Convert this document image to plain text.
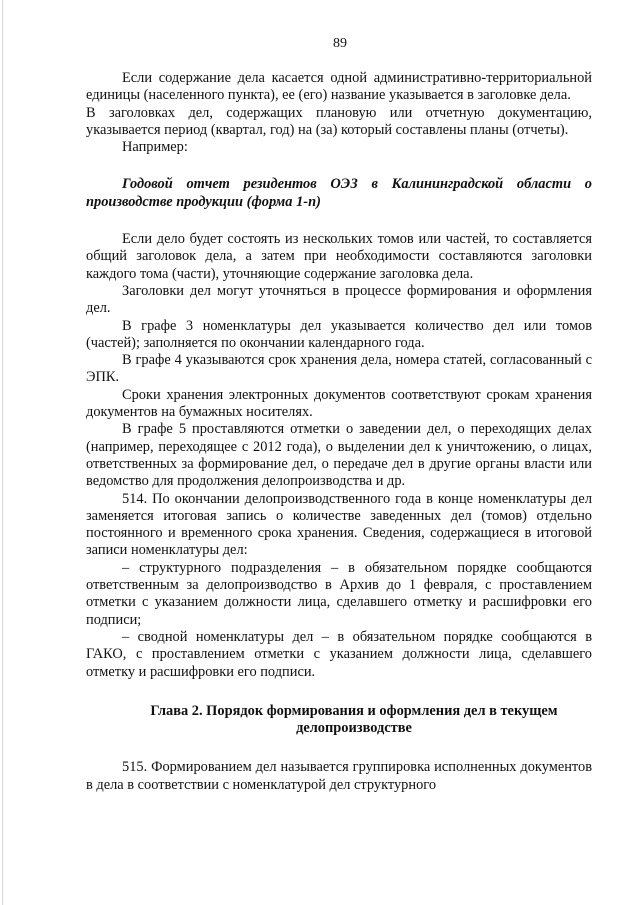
89

Если содержание дела касается одной административно-территориальной единицы (населенного пункта), ее (его) название указывается в заголовке дела.

В заголовках дел, содержащих плановую или отчетную документацию, указывается период (квартал, год) на (за) который составлены планы (отчеты).

Например:

Годовой отчет резидентов ОЭЗ в Калининградской области о производстве продукции (форма 1-п)

Если дело будет состоять из нескольких томов или частей, то составляется общий заголовок дела, а затем при необходимости составляются заголовки каждого тома (части), уточняющие содержание заголовка дела.

Заголовки дел могут уточняться в процессе формирования и оформления дел.

В графе 3 номенклатуры дел указывается количество дел или томов (частей); заполняется по окончании календарного года.

В графе 4 указываются срок хранения дела, номера статей, согласованный с ЭПК.

Сроки хранения электронных документов соответствуют срокам хранения документов на бумажных носителях.

В графе 5 проставляются отметки о заведении дел, о переходящих делах (например, переходящее с 2012 года), о выделении дел к уничтожению, о лицах, ответственных за формирование дел, о передаче дел в другие органы власти или ведомство для продолжения делопроизводства и др.

514. По окончании делопроизводственного года в конце номенклатуры дел заменяется итоговая запись о количестве заведенных дел (томов) отдельно постоянного и временного срока хранения. Сведения, содержащиеся в итоговой записи номенклатуры дел:

– структурного подразделения – в обязательном порядке сообщаются ответственным за делопроизводство в Архив до 1 февраля, с проставлением отметки с указанием должности лица, сделавшего отметку и расшифровки его подписи;

– сводной номенклатуры дел – в обязательном порядке сообщаются в ГАКО, с проставлением отметки с указанием должности лица, сделавшего отметку и расшифровки его подписи.

Глава 2. Порядок формирования и оформления дел в текущем делопроизводстве

515. Формированием дел называется группировка исполненных документов в дела в соответствии с номенклатурой дел структурного
